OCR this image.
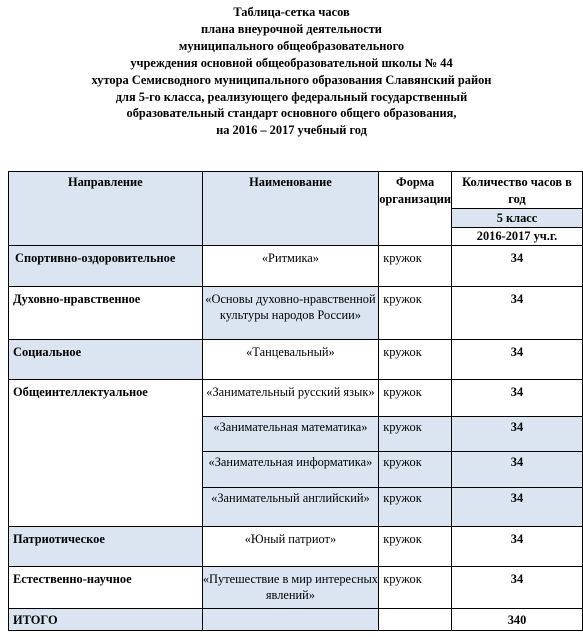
Таблица-сетка часов
плана внеурочной деятельности
муниципального общеобразовательного
учреждения основной общеобразовательной школы № 44
хутора Семисводного муниципального образования Славянский район
для 5-го класса, реализующего федеральный государственный
образовательный стандарт основного общего образования,
на 2016 – 2017 учебный год
Направление	Наименование	Форма организации	Количество часов в год
			5 класс
			2016-2017 уч.г.
Спортивно-оздоровительное	«Ритмика»	кружок	34
Духовно-нравственное	«Основы духовно-нравственной культуры народов России»	кружок	34
Социальное	«Танцевальный»	кружок	34
Общеинтеллектуальное	«Занимательный русский язык»	кружок	34
	«Занимательная математика»	кружок	34
	«Занимательная информатика»	кружок	34
	«Занимательный английский»	кружок	34
Патриотическое	«Юный патриот»	кружок	34
Естественно-научное	«Путешествие в мир интересных явлений»	кружок	34
ИТОГО			340
